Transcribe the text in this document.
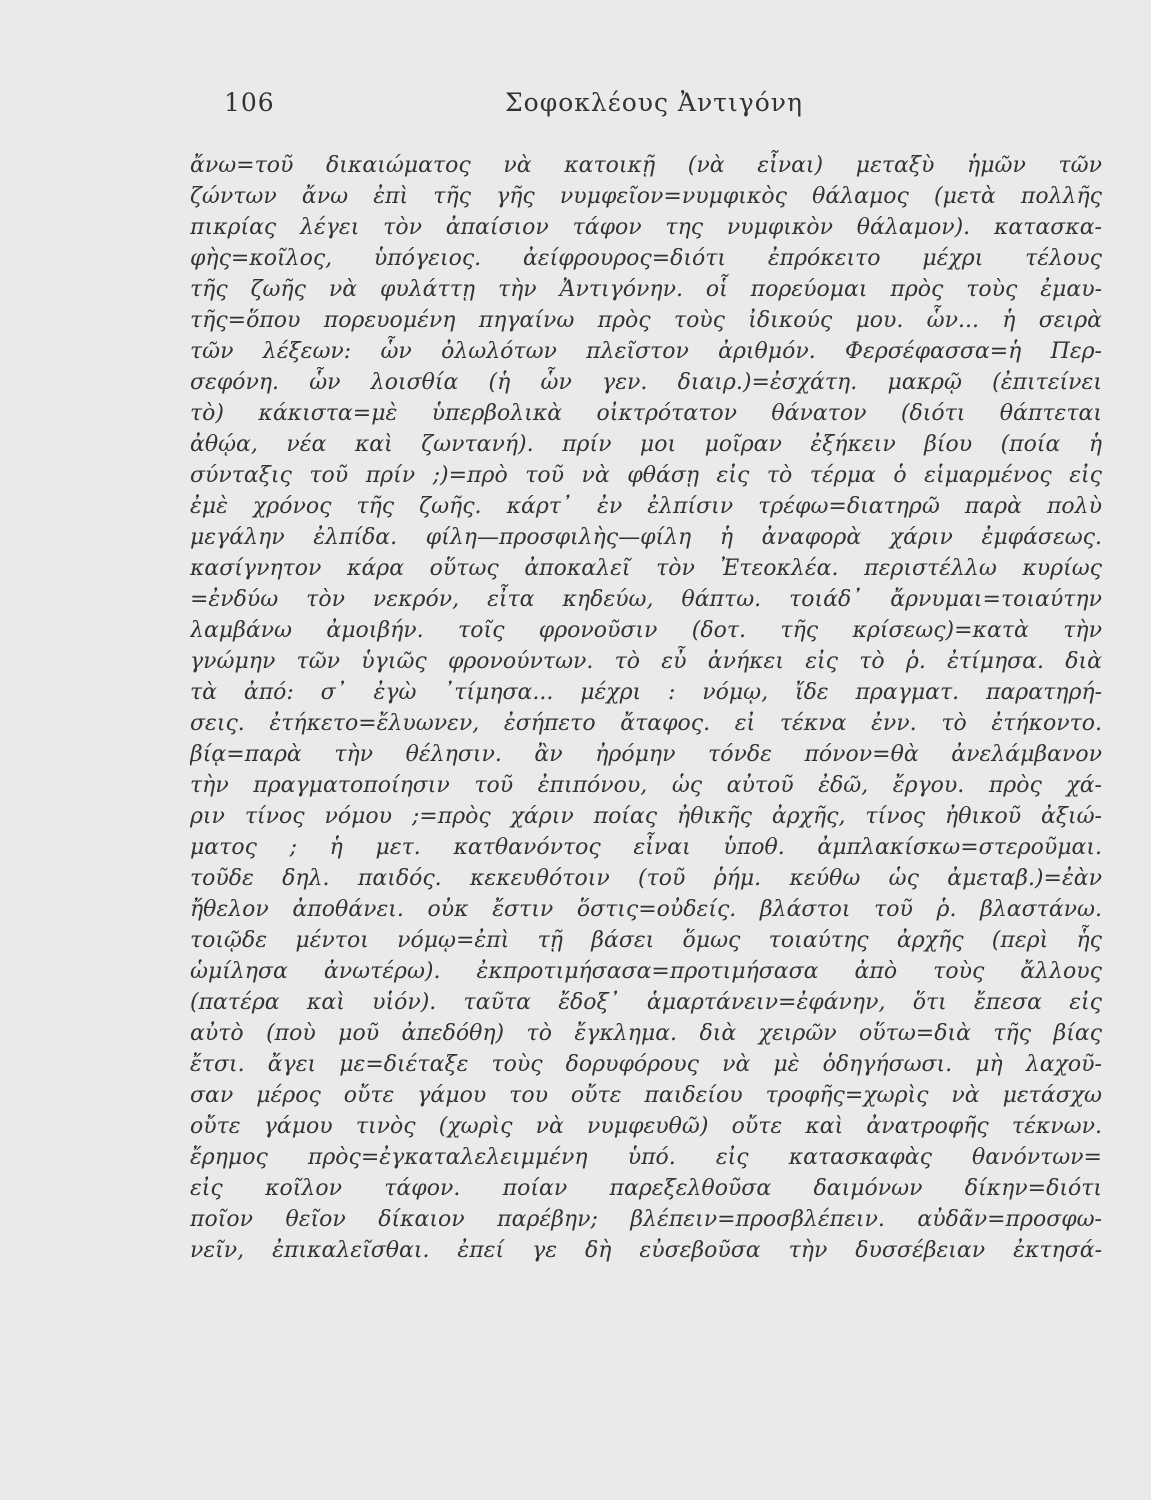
106	Σοφοκλέους Ἀντιγόνη
ἄνω=τοῦ δικαιώματος νὰ κατοικῇ (νὰ εἶναι) μεταξὺ ἡμῶν τῶν
ζώντων ἄνω ἐπὶ τῆς γῆς νυμφεῖον=νυμφικὸς θάλαμος (μετὰ πολλῆς
πικρίας λέγει τὸν ἀπαίσιον τάφον της νυμφικὸν θάλαμον). κατασκα-
φὴς=κοῖλος, ὑπόγειος. ἀείφρουρος=διότι ἐπρόκειτο μέχρι τέλους
τῆς ζωῆς νὰ φυλάττῃ τὴν Ἀντιγόνην. οἷ πορεύομαι πρὸς τοὺς ἐμαυ-
τῆς=ὅπου πορευομένη πηγαίνω πρὸς τοὺς ἰδικούς μου. ὧν... ἡ σειρὰ
τῶν λέξεων: ὧν ὀλωλότων πλεῖστον ἀριθμόν. Φερσέφασσα=ἡ Περ-
σεφόνη. ὧν λοισθία (ἡ ὧν γεν. διαιρ.)=ἐσχάτη. μακρῷ (ἐπιτείνει
τὸ) κάκιστα=μὲ ὑπερβολικὰ οἰκτρότατον θάνατον (διότι θάπτεται
ἀθῴα, νέα καὶ ζωντανή). πρίν μοι μοῖραν ἐξήκειν βίου (ποία ἡ
σύνταξις τοῦ πρίν ;)=πρὸ τοῦ νὰ φθάσῃ εἰς τὸ τέρμα ὁ εἱμαρμένος εἰς
ἐμὲ χρόνος τῆς ζωῆς. κάρτ᾽ ἐν ἐλπίσιν τρέφω=διατηρῶ παρὰ πολὺ
μεγάλην ἐλπίδα. φίλη—προσφιλὴς—φίλη ἡ ἀναφορὰ χάριν ἐμφάσεως.
κασίγνητον κάρα οὕτως ἀποκαλεῖ τὸν Ἐτεοκλέα. περιστέλλω κυρίως
=ἐνδύω τὸν νεκρόν, εἶτα κηδεύω, θάπτω. τοιάδ᾽ ἄρνυμαι=τοιαύτην
λαμβάνω ἀμοιβήν. τοῖς φρονοῦσιν (δοτ. τῆς κρίσεως)=κατὰ τὴν
γνώμην τῶν ὑγιῶς φρονούντων. τὸ εὖ ἀνήκει εἰς τὸ ῥ. ἐτίμησα. διὰ
τὰ ἀπό: σ᾽ ἐγὼ ᾽τίμησα... μέχρι : νόμῳ, ἴδε πραγματ. παρατηρή-
σεις. ἐτήκετο=ἔλυωνεν, ἐσήπετο ἄταφος. εἰ τέκνα ἐνν. τὸ ἐτήκοντο.
βίᾳ=παρὰ τὴν θέλησιν. ἂν ἠρόμην τόνδε πόνον=θὰ ἀνελάμβανον
τὴν πραγματοποίησιν τοῦ ἐπιπόνου, ὡς αὐτοῦ ἐδῶ, ἔργου. πρὸς χά-
ριν τίνος νόμου ;=πρὸς χάριν ποίας ἠθικῆς ἀρχῆς, τίνος ἠθικοῦ ἀξιώ-
ματος ; ἡ μετ. κατθανόντος εἶναι ὑποθ. ἀμπλακίσκω=στεροῦμαι.
τοῦδε δηλ. παιδός. κεκευθότοιν (τοῦ ῥήμ. κεύθω ὡς ἀμεταβ.)=ἐὰν
ἤθελον ἀποθάνει. οὐκ ἔστιν ὅστις=οὐδείς. βλάστοι τοῦ ῥ. βλαστάνω.
τοιῷδε μέντοι νόμῳ=ἐπὶ τῇ βάσει ὅμως τοιαύτης ἀρχῆς (περὶ ἧς
ὡμίλησα ἀνωτέρω). ἐκπροτιμήσασα=προτιμήσασα ἀπὸ τοὺς ἄλλους
(πατέρα καὶ υἱόν). ταῦτα ἔδοξ᾽ ἁμαρτάνειν=ἐφάνην, ὅτι ἔπεσα εἰς
αὐτὸ (ποὺ μοῦ ἀπεδόθη) τὸ ἔγκλημα. διὰ χειρῶν οὕτω=διὰ τῆς βίας
ἔτσι. ἄγει με=διέταξε τοὺς δορυφόρους νὰ μὲ ὁδηγήσωσι. μὴ λαχοῦ-
σαν μέρος οὔτε γάμου του οὔτε παιδείου τροφῆς=χωρὶς νὰ μετάσχω
οὔτε γάμου τινὸς (χωρὶς νὰ νυμφευθῶ) οὔτε καὶ ἀνατροφῆς τέκνων.
ἔρημος πρὸς=ἐγκαταλελειμμένη ὑπό. εἰς κατασκαφὰς θανόντων=
εἰς κοῖλον τάφον. ποίαν παρεξελθοῦσα δαιμόνων δίκην=διότι
ποῖον θεῖον δίκαιον παρέβην; βλέπειν=προσβλέπειν. αὐδᾶν=προσφω-
νεῖν, ἐπικαλεῖσθαι. ἐπεί γε δὴ εὐσεβοῦσα τὴν δυσσέβειαν ἐκτησά-
